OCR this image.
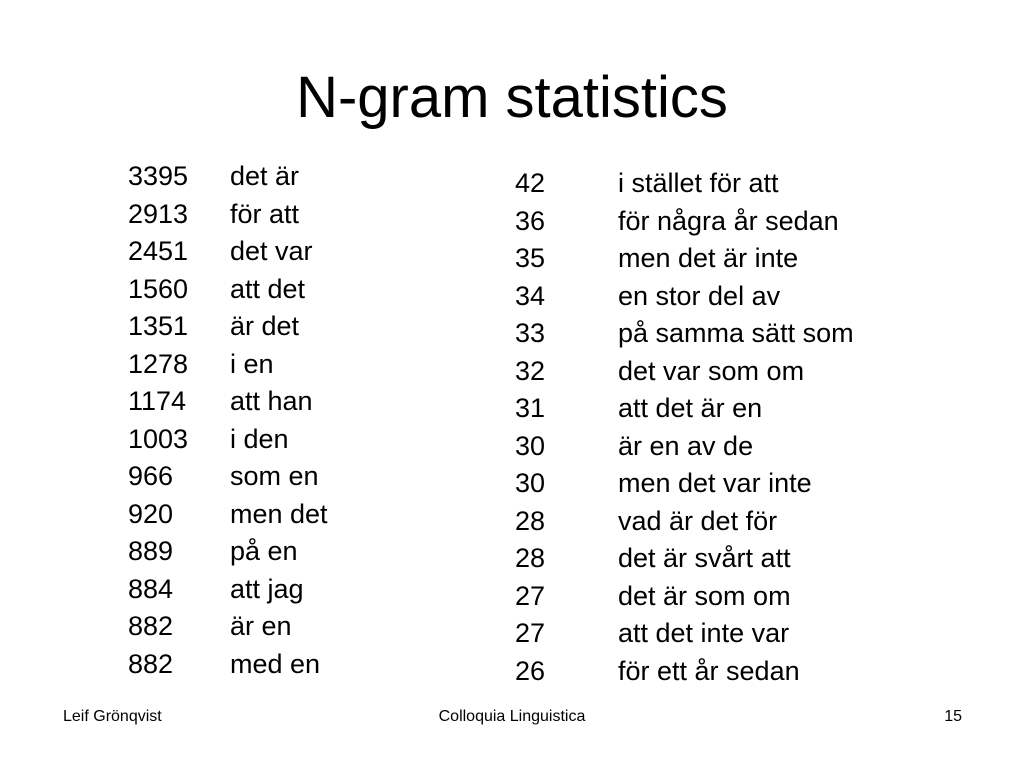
N-gram statistics
3395	det är
2913	för att
2451	det var
1560	att det
1351	är det
1278	i en
1174	att han
1003	i den
966	som en
920	men det
889	på en
884	att jag
882	är en
882	med en
42	i stället för att
36	för några år sedan
35	men det är inte
34	en stor del av
33	på samma sätt som
32	det var som om
31	att det är en
30	är en av de
30	men det var inte
28	vad är det för
28	det är svårt att
27	det är som om
27	att det inte var
26	för ett år sedan
Leif Grönqvist	Colloquia Linguistica	15
